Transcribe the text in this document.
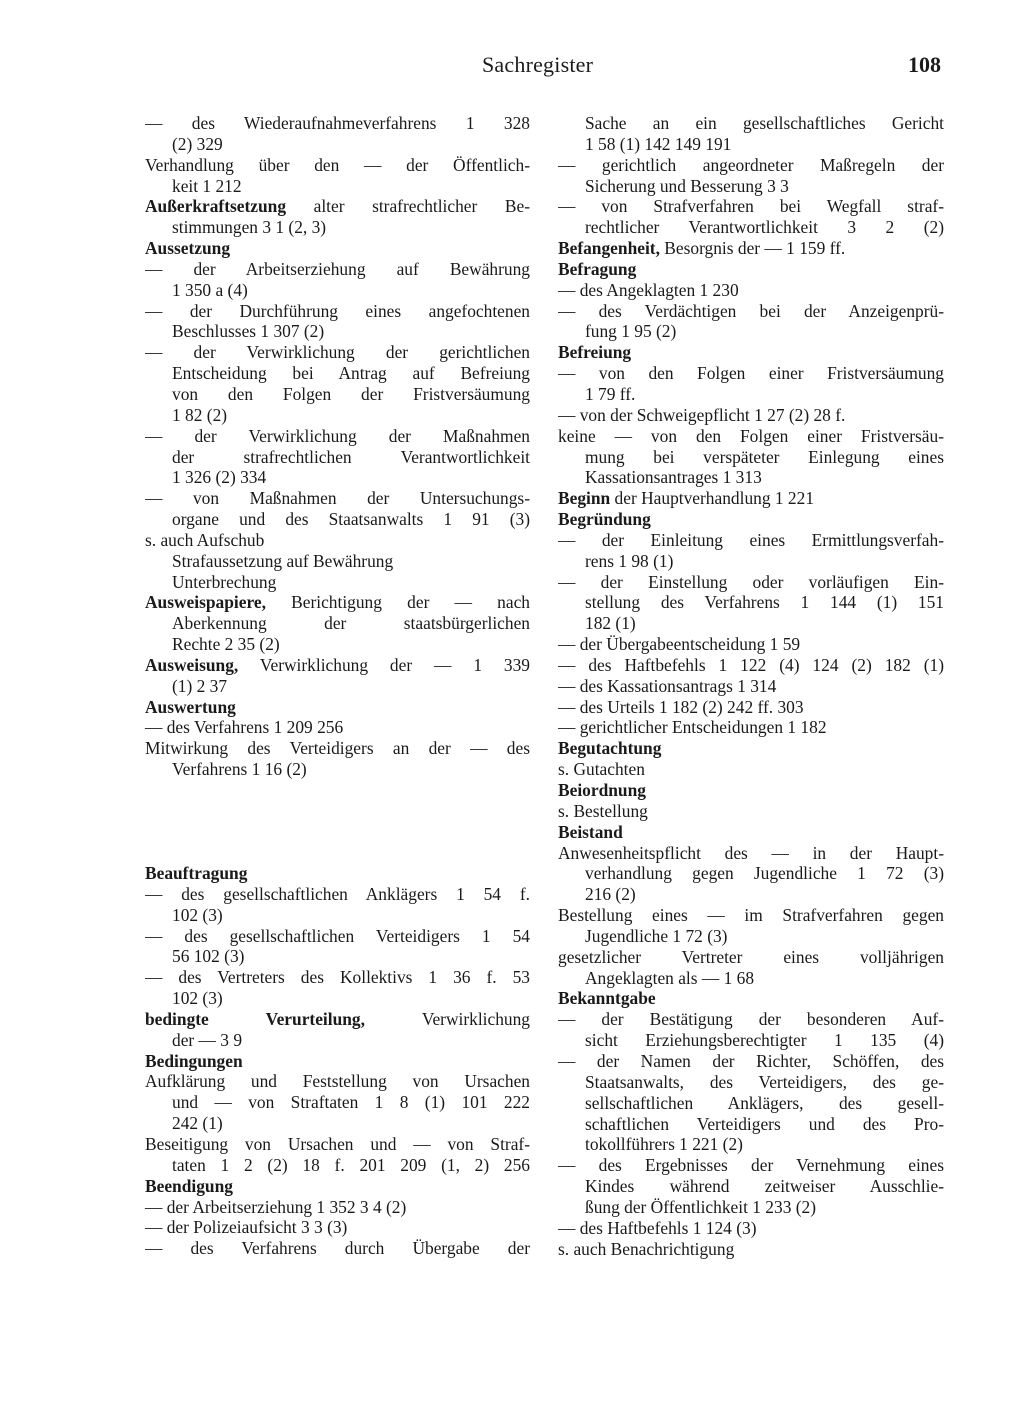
Sachregister	108
— des Wiederaufnahmeverfahrens 1 328
(2) 329
Verhandlung über den — der Öffentlich-
keit 1 212
Außerkraftsetzung alter strafrechtlicher Be-
stimmungen 3 1 (2, 3)
Aussetzung
— der Arbeitserziehung auf Bewährung
1 350 a (4)
— der Durchführung eines angefochtenen
Beschlusses 1 307 (2)
— der Verwirklichung der gerichtlichen
Entscheidung bei Antrag auf Befreiung
von den Folgen der Fristversäumung
1 82 (2)
— der Verwirklichung der Maßnahmen
der strafrechtlichen Verantwortlichkeit
1 326 (2) 334
— von Maßnahmen der Untersuchungs-
organe und des Staatsanwalts 1 91 (3)
s. auch Aufschub
Strafaussetzung auf Bewährung
Unterbrechung
Ausweispapiere, Berichtigung der — nach
Aberkennung der staatsbürgerlichen
Rechte 2 35 (2)
Ausweisung, Verwirklichung der — 1 339
(1) 2 37
Auswertung
— des Verfahrens 1 209 256
Mitwirkung des Verteidigers an der — des
Verfahrens 1 16 (2)
Beauftragung
— des gesellschaftlichen Anklägers 1 54 f.
102 (3)
— des gesellschaftlichen Verteidigers 1 54
56 102 (3)
— des Vertreters des Kollektivs 1 36 f. 53
102 (3)
bedingte Verurteilung, Verwirklichung
der — 3 9
Bedingungen
Aufklärung und Feststellung von Ursachen
und — von Straftaten 1 8 (1) 101 222
242 (1)
Beseitigung von Ursachen und — von Straf-
taten 1 2 (2) 18 f. 201 209 (1, 2) 256
Beendigung
— der Arbeitserziehung 1 352 3 4 (2)
— der Polizeiaufsicht 3 3 (3)
— des Verfahrens durch Übergabe der
Sache an ein gesellschaftliches Gericht
1 58 (1) 142 149 191
— gerichtlich angeordneter Maßregeln der
Sicherung und Besserung 3 3
— von Strafverfahren bei Wegfall straf-
rechtlicher Verantwortlichkeit 3 2 (2)
Befangenheit, Besorgnis der — 1 159 ff.
Befragung
— des Angeklagten 1 230
— des Verdächtigen bei der Anzeigenprü-
fung 1 95 (2)
Befreiung
— von den Folgen einer Fristversäumung
1 79 ff.
— von der Schweigepflicht 1 27 (2) 28 f.
keine — von den Folgen einer Fristversäu-
mung bei verspäteter Einlegung eines
Kassationsantrages 1 313
Beginn der Hauptverhandlung 1 221
Begründung
— der Einleitung eines Ermittlungsverfah-
rens 1 98 (1)
— der Einstellung oder vorläufigen Ein-
stellung des Verfahrens 1 144 (1) 151
182 (1)
— der Übergabeentscheidung 1 59
— des Haftbefehls 1 122 (4) 124 (2) 182 (1)
— des Kassationsantrags 1 314
— des Urteils 1 182 (2) 242 ff. 303
— gerichtlicher Entscheidungen 1 182
Begutachtung
s. Gutachten
Beiordnung
s. Bestellung
Beistand
Anwesenheitspflicht des — in der Haupt-
verhandlung gegen Jugendliche 1 72 (3)
216 (2)
Bestellung eines — im Strafverfahren gegen
Jugendliche 1 72 (3)
gesetzlicher Vertreter eines volljährigen
Angeklagten als — 1 68
Bekanntgabe
— der Bestätigung der besonderen Auf-
sicht Erziehungsberechtigter 1 135 (4)
— der Namen der Richter, Schöffen, des
Staatsanwalts, des Verteidigers, des ge-
sellschaftlichen Anklägers, des gesell-
schaftlichen Verteidigers und des Pro-
tokollführers 1 221 (2)
— des Ergebnisses der Vernehmung eines
Kindes während zeitweiser Ausschlie-
ßung der Öffentlichkeit 1 233 (2)
— des Haftbefehls 1 124 (3)
s. auch Benachrichtigung
